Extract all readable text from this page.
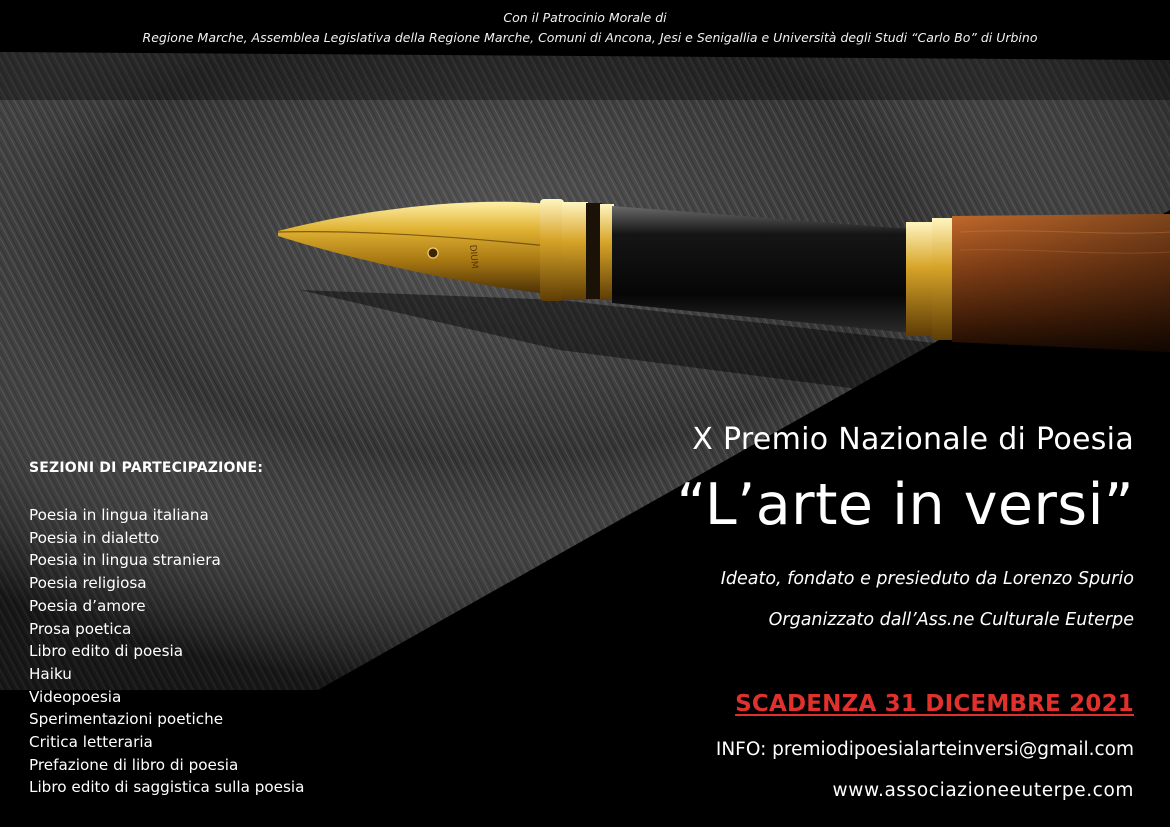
DIUM
Con il Patrocinio Morale di
Regione Marche, Assemblea Legislativa della Regione Marche, Comuni di Ancona, Jesi e Senigallia e Università degli Studi “Carlo Bo” di Urbino
SEZIONI DI PARTECIPAZIONE:
Poesia in lingua italiana
Poesia in dialetto
Poesia in lingua straniera
Poesia religiosa
Poesia d’amore
Prosa poetica
Libro edito di poesia
Haiku
Videopoesia
Sperimentazioni poetiche
Critica letteraria
Prefazione di libro di poesia
Libro edito di saggistica sulla poesia
X Premio Nazionale di Poesia
“L’arte in versi”
Ideato, fondato e presieduto da Lorenzo Spurio
Organizzato dall’Ass.ne Culturale Euterpe
SCADENZA 31 DICEMBRE 2021
INFO: premiodipoesialarteinversi@gmail.com
www.associazioneeuterpe.com
